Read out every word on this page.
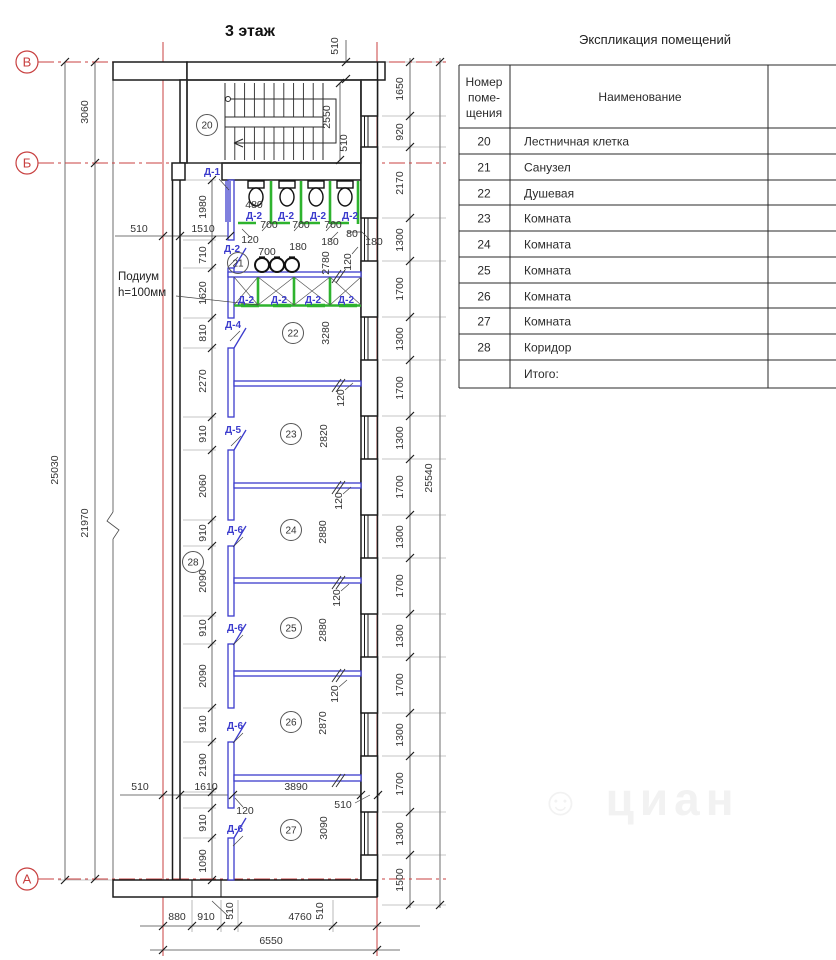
☺ циан
В
Б
А
3 этаж	Экспликация помещений
Наименование
Итого:
Подиум
h=100мм
20	Лестничная клетка
21	Санузел
22	Душевая
23	Комната
24	Комната
25	Комната
26	Комната
27	Комната
28	Коридор
Номер
поме-
щения
510	1510
480
700 700 700
120
700 180 180
80
180
510	1610	3890
510
120
880 910	4760
6550
3060
25030
21970
510
2550
510
1980
710
1620
810
2270
910
2060
910
2090
910
2090
910
2190
910
1090
1650
920
2170
1300
1700
1300
1700
1300
1700
1300
1700
1300
1700
1300
1700
1300
1500
25540
2780 120
3280
120
2820
120
2880
120
2880
120
2870
3090
510	510
20
21
22
23
24
25
26
27
28
Д-1
Д-2
Д-2 Д-2 Д-2 Д-2
Д-2 Д-2 Д-2 Д-2
Д-4
Д-5
Д-6
Д-6
Д-6
Д-6
